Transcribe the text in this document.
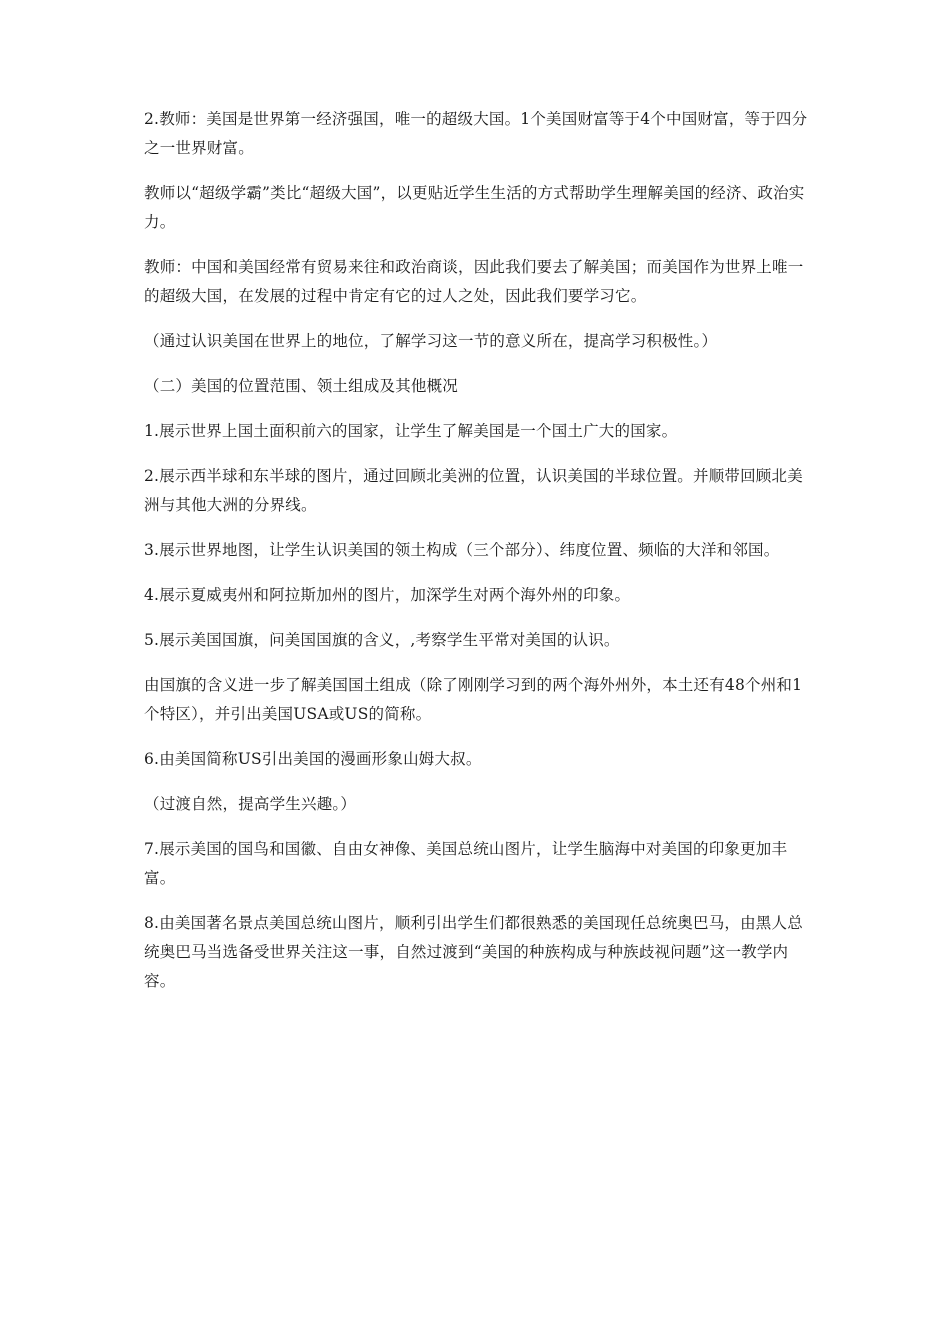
2.教师：美国是世界第一经济强国，唯一的超级大国。1个美国财富等于4个中国财富，等于四分之一世界财富。

教师以“超级学霸”类比“超级大国”，以更贴近学生生活的方式帮助学生理解美国的经济、政治实力。

教师：中国和美国经常有贸易来往和政治商谈，因此我们要去了解美国；而美国作为世界上唯一的超级大国，在发展的过程中肯定有它的过人之处，因此我们要学习它。

（通过认识美国在世界上的地位，了解学习这一节的意义所在，提高学习积极性。）

（二）美国的位置范围、领土组成及其他概况

1.展示世界上国土面积前六的国家，让学生了解美国是一个国土广大的国家。

2.展示西半球和东半球的图片，通过回顾北美洲的位置，认识美国的半球位置。并顺带回顾北美洲与其他大洲的分界线。

3.展示世界地图，让学生认识美国的领土构成（三个部分）、纬度位置、频临的大洋和邻国。

4.展示夏威夷州和阿拉斯加州的图片，加深学生对两个海外州的印象。

5.展示美国国旗，问美国国旗的含义，,考察学生平常对美国的认识。

由国旗的含义进一步了解美国国土组成（除了刚刚学习到的两个海外州外，本土还有48个州和1个特区），并引出美国USA或US的简称。

6.由美国简称US引出美国的漫画形象山姆大叔。

（过渡自然，提高学生兴趣。）

7.展示美国的国鸟和国徽、自由女神像、美国总统山图片，让学生脑海中对美国的印象更加丰富。

8.由美国著名景点美国总统山图片，顺利引出学生们都很熟悉的美国现任总统奥巴马，由黑人总统奥巴马当选备受世界关注这一事，自然过渡到“美国的种族构成与种族歧视问题”这一教学内容。
